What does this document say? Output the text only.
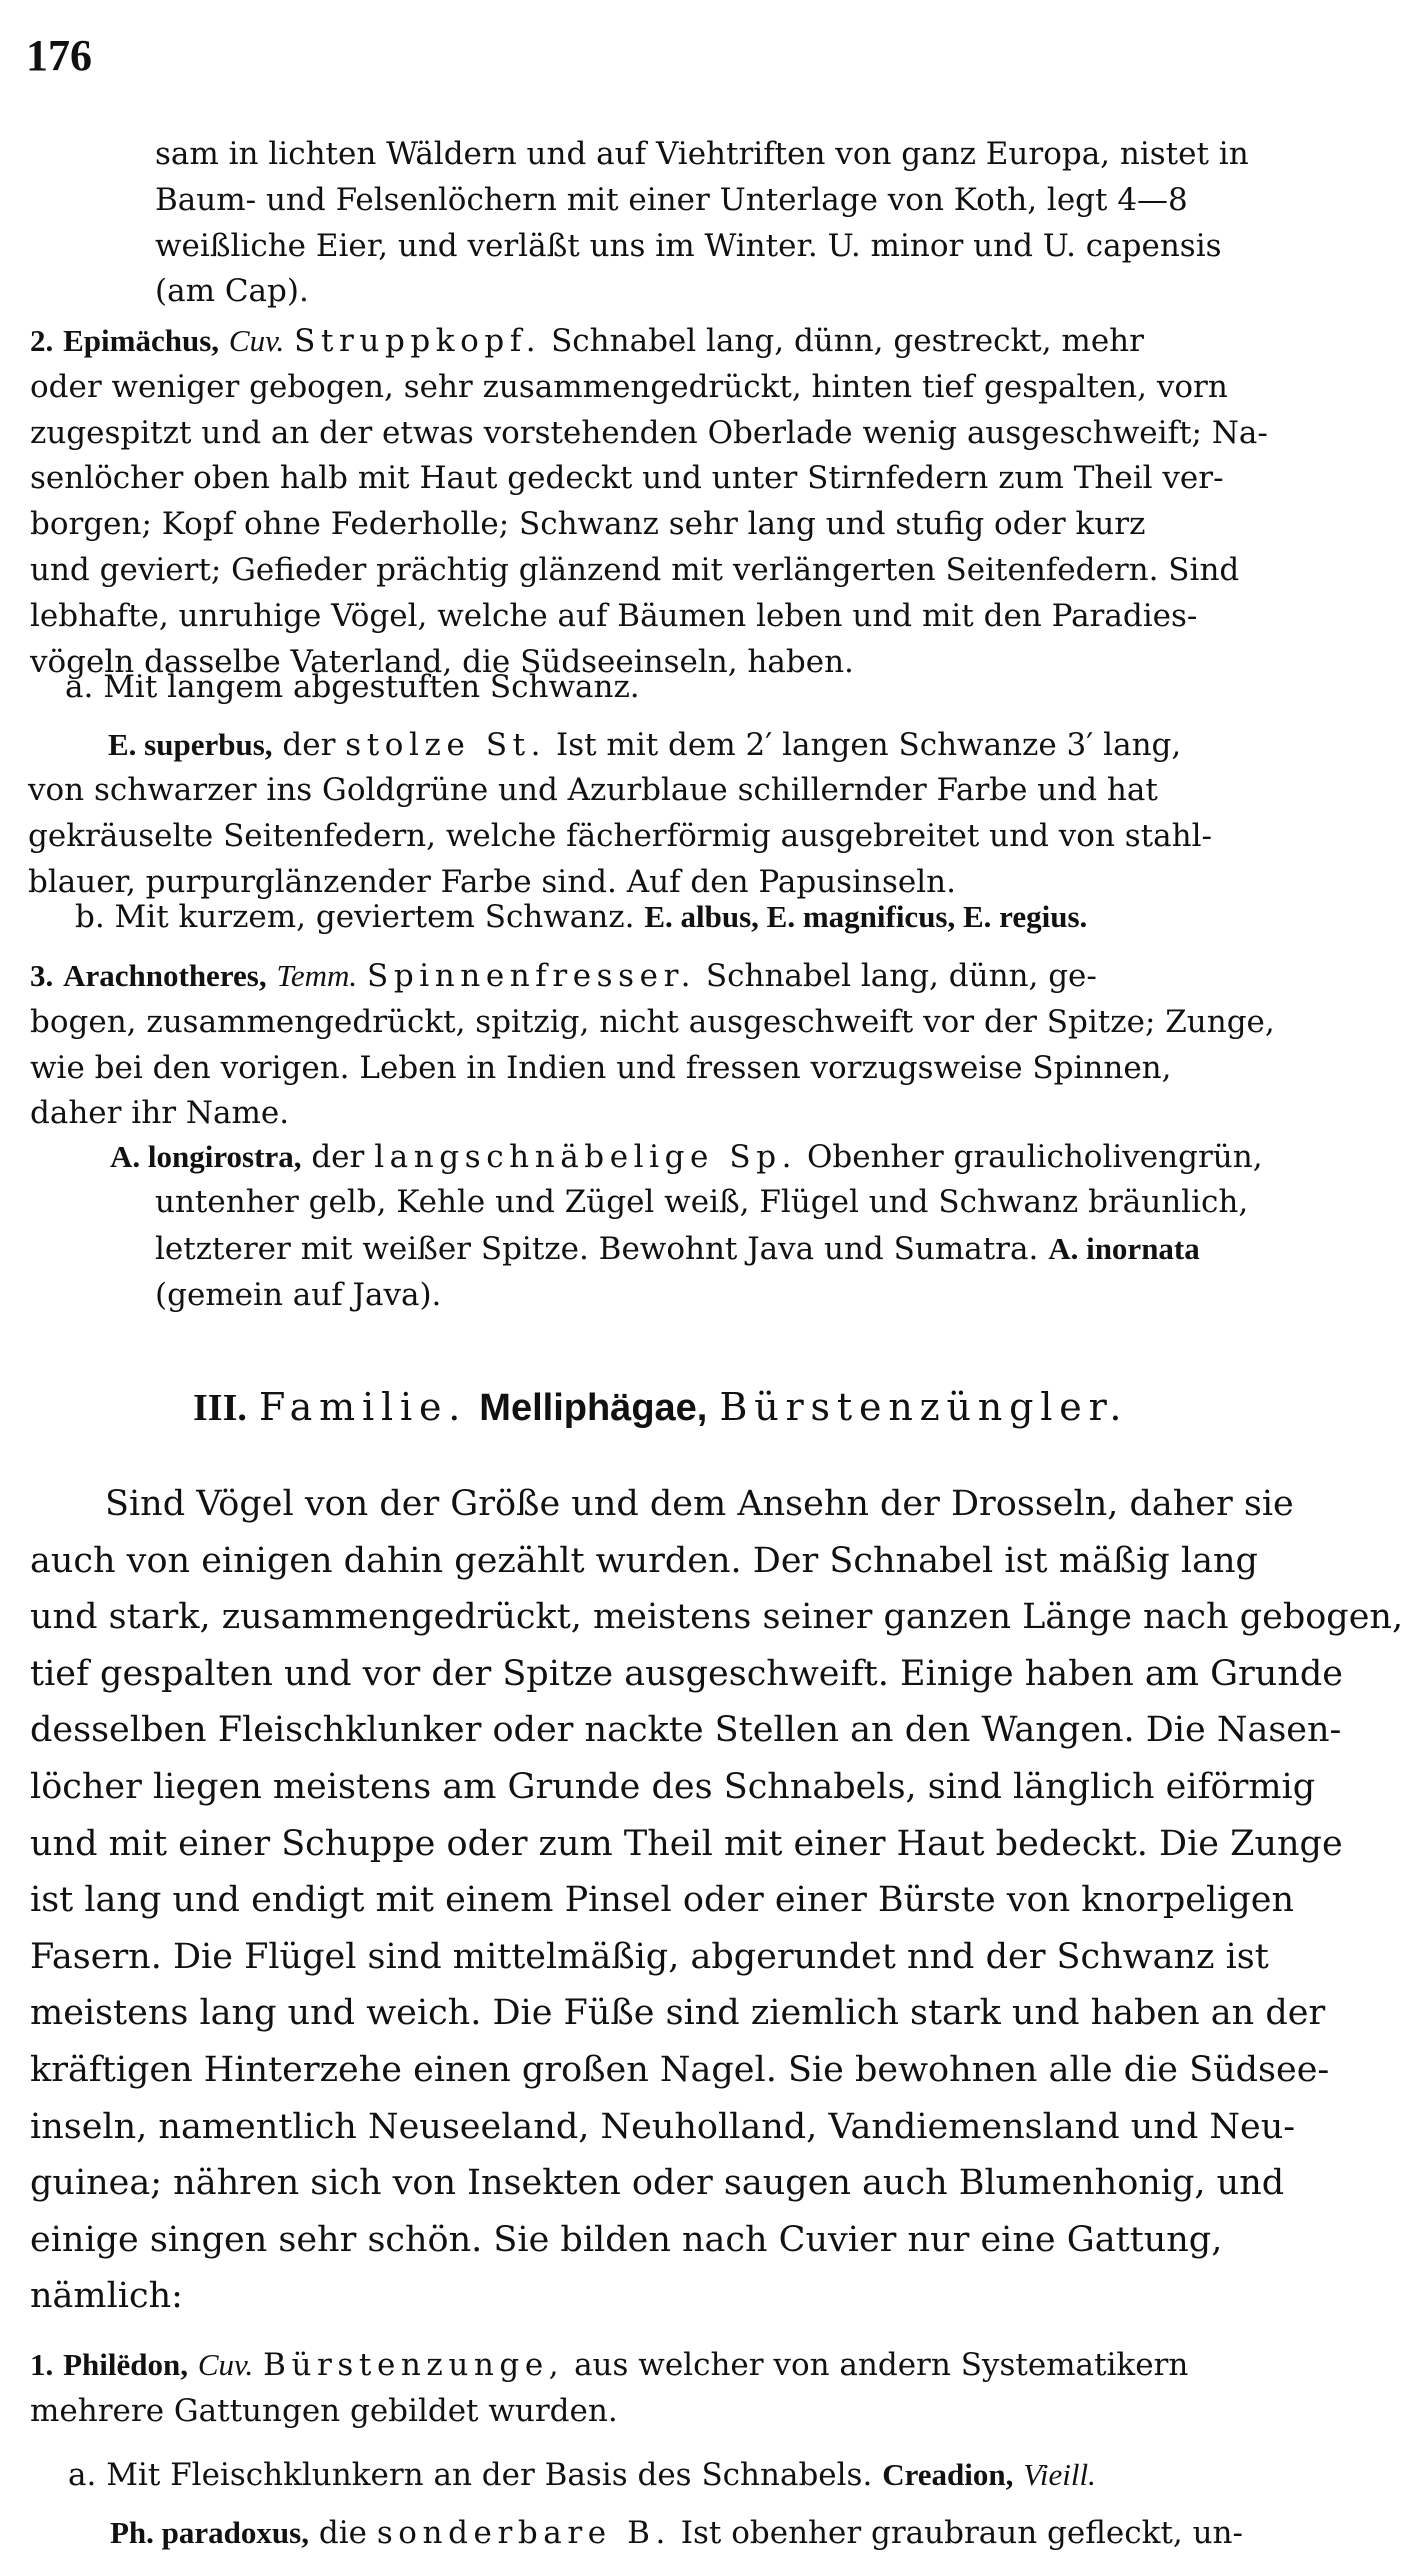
176
sam in lichten Wäldern und auf Viehtriften von ganz Europa, nistet in
Baum- und Felsenlöchern mit einer Unterlage von Koth, legt 4—8
weißliche Eier, und verläßt uns im Winter. U. minor und U. capensis
(am Cap).
2. Epimächus, Cuv. Struppkopf. Schnabel lang, dünn, gestreckt, mehr
oder weniger gebogen, sehr zusammengedrückt, hinten tief gespalten, vorn
zugespitzt und an der etwas vorstehenden Oberlade wenig ausgeschweift; Na-
senlöcher oben halb mit Haut gedeckt und unter Stirnfedern zum Theil ver-
borgen; Kopf ohne Federholle; Schwanz sehr lang und stufig oder kurz
und geviert; Gefieder prächtig glänzend mit verlängerten Seitenfedern. Sind
lebhafte, unruhige Vögel, welche auf Bäumen leben und mit den Paradies-
vögeln dasselbe Vaterland, die Südseeinseln, haben.
a. Mit langem abgestuften Schwanz.
E. superbus, der stolze St. Ist mit dem 2′ langen Schwanze 3′ lang,
von schwarzer ins Goldgrüne und Azurblaue schillernder Farbe und hat
gekräuselte Seitenfedern, welche fächerförmig ausgebreitet und von stahl-
blauer, purpurglänzender Farbe sind. Auf den Papusinseln.
b. Mit kurzem, geviertem Schwanz. E. albus, E. magnificus, E. regius.
3. Arachnotheres, Temm. Spinnenfresser. Schnabel lang, dünn, ge-
bogen, zusammengedrückt, spitzig, nicht ausgeschweift vor der Spitze; Zunge,
wie bei den vorigen. Leben in Indien und fressen vorzugsweise Spinnen,
daher ihr Name.
A. longirostra, der langschnäbelige Sp. Obenher graulicholivengrün,
untenher gelb, Kehle und Zügel weiß, Flügel und Schwanz bräunlich,
letzterer mit weißer Spitze. Bewohnt Java und Sumatra. A. inornata
(gemein auf Java).
III. Familie. Melliphägae, Bürstenzüngler.
Sind Vögel von der Größe und dem Ansehn der Drosseln, daher sie
auch von einigen dahin gezählt wurden. Der Schnabel ist mäßig lang
und stark, zusammengedrückt, meistens seiner ganzen Länge nach gebogen,
tief gespalten und vor der Spitze ausgeschweift. Einige haben am Grunde
desselben Fleischklunker oder nackte Stellen an den Wangen. Die Nasen-
löcher liegen meistens am Grunde des Schnabels, sind länglich eiförmig
und mit einer Schuppe oder zum Theil mit einer Haut bedeckt. Die Zunge
ist lang und endigt mit einem Pinsel oder einer Bürste von knorpeligen
Fasern. Die Flügel sind mittelmäßig, abgerundet nnd der Schwanz ist
meistens lang und weich. Die Füße sind ziemlich stark und haben an der
kräftigen Hinterzehe einen großen Nagel. Sie bewohnen alle die Südsee-
inseln, namentlich Neuseeland, Neuholland, Vandiemensland und Neu-
guinea; nähren sich von Insekten oder saugen auch Blumenhonig, und
einige singen sehr schön. Sie bilden nach Cuvier nur eine Gattung,
nämlich:
1. Philëdon, Cuv. Bürstenzunge, aus welcher von andern Systematikern
mehrere Gattungen gebildet wurden.
a. Mit Fleischklunkern an der Basis des Schnabels. Creadion, Vieill.
Ph. paradoxus, die sonderbare B. Ist obenher graubraun gefleckt, un-
